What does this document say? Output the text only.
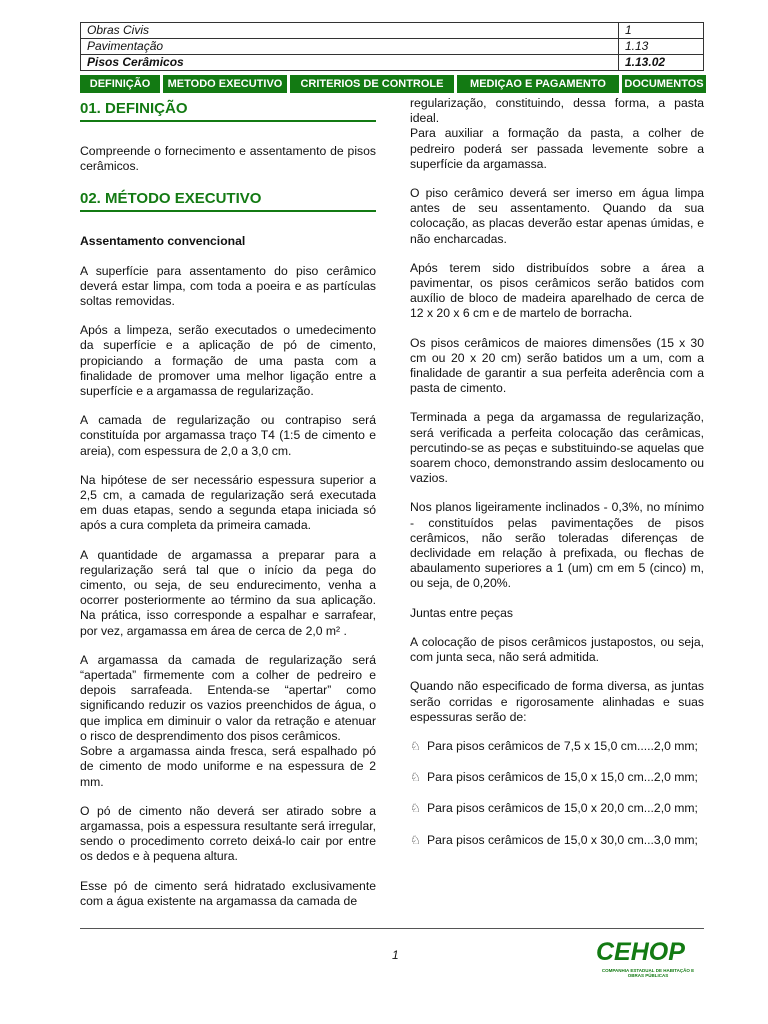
Obras Civis	1
Pavimentação	1.13
Pisos Cerâmicos	1.13.02
DEFINIÇÃO	METODO EXECUTIVO	CRITERIOS DE CONTROLE	MEDIÇAO E PAGAMENTO	DOCUMENTOS
01. DEFINIÇÃO

Compreende o fornecimento e assentamento de pisos cerâmicos.

02. MÉTODO EXECUTIVO

Assentamento convencional

A superfície para assentamento do piso cerâmico deverá estar limpa, com toda a poeira e as partículas soltas removidas.

Após a limpeza, serão executados o umedecimento da superfície e a aplicação de pó de cimento, propiciando a formação de uma pasta com a finalidade de promover uma melhor ligação entre a superfície e a argamassa de regularização.

A camada de regularização ou contrapiso será constituída por argamassa traço T4 (1:5 de cimento e areia), com espessura de 2,0 a 3,0 cm.

Na hipótese de ser necessário espessura superior a 2,5 cm, a camada de regularização será executada em duas etapas, sendo a segunda etapa iniciada só após a cura completa da primeira camada.

A quantidade de argamassa a preparar para a regularização será tal que o início da pega do cimento, ou seja, de seu endurecimento, venha a ocorrer posteriormente ao término da sua aplicação. Na prática, isso corresponde a espalhar e sarrafear, por vez, argamassa em área de cerca de 2,0 m² .

A argamassa da camada de regularização será “apertada” firmemente com a colher de pedreiro e depois sarrafeada. Entenda-se “apertar” como significando reduzir os vazios preenchidos de água, o que implica em diminuir o valor da retração e atenuar o risco de desprendimento dos pisos cerâmicos.

Sobre a argamassa ainda fresca, será espalhado pó de cimento de modo uniforme e na espessura de 2 mm.

O pó de cimento não deverá ser atirado sobre a argamassa, pois a espessura resultante será irregular, sendo o procedimento correto deixá-lo cair por entre os dedos e à pequena altura.

Esse pó de cimento será hidratado exclusivamente com a água existente na argamassa da camada de

regularização, constituindo, dessa forma, a pasta ideal.

Para auxiliar a formação da pasta, a colher de pedreiro poderá ser passada levemente sobre a superfície da argamassa.

O piso cerâmico deverá ser imerso em água limpa antes de seu assentamento. Quando da sua colocação, as placas deverão estar apenas úmidas, e não encharcadas.

Após terem sido distribuídos sobre a área a pavimentar, os pisos cerâmicos serão batidos com auxílio de bloco de madeira aparelhado de cerca de 12 x 20 x 6 cm e de martelo de borracha.

Os pisos cerâmicos de maiores dimensões (15 x 30 cm ou 20 x 20 cm) serão batidos um a um, com a finalidade de garantir a sua perfeita aderência com a pasta de cimento.

Terminada a pega da argamassa de regularização, será verificada a perfeita colocação das cerâmicas, percutindo-se as peças e substituindo-se aquelas que soarem choco, demonstrando assim deslocamento ou vazios.

Nos planos ligeiramente inclinados - 0,3%, no mínimo - constituídos pelas pavimentações de pisos cerâmicos, não serão toleradas diferenças de declividade em relação à prefixada, ou flechas de abaulamento superiores a 1 (um) cm em 5 (cinco) m, ou seja, de 0,20%.

Juntas entre peças

A colocação de pisos cerâmicos justapostos, ou seja, com junta seca, não será admitida.

Quando não especificado de forma diversa, as juntas serão corridas e rigorosamente alinhadas e suas espessuras serão de:

♘ Para pisos cerâmicos de 7,5 x 15,0 cm.....2,0 mm;
♘ Para pisos cerâmicos de 15,0 x 15,0 cm...2,0 mm;
♘ Para pisos cerâmicos de 15,0 x 20,0 cm...2,0 mm;
♘ Para pisos cerâmicos de 15,0 x 30,0 cm...3,0 mm;
1	CEHOP
COMPANHIA ESTADUAL DE HABITAÇÃO E OBRAS PÚBLICAS
